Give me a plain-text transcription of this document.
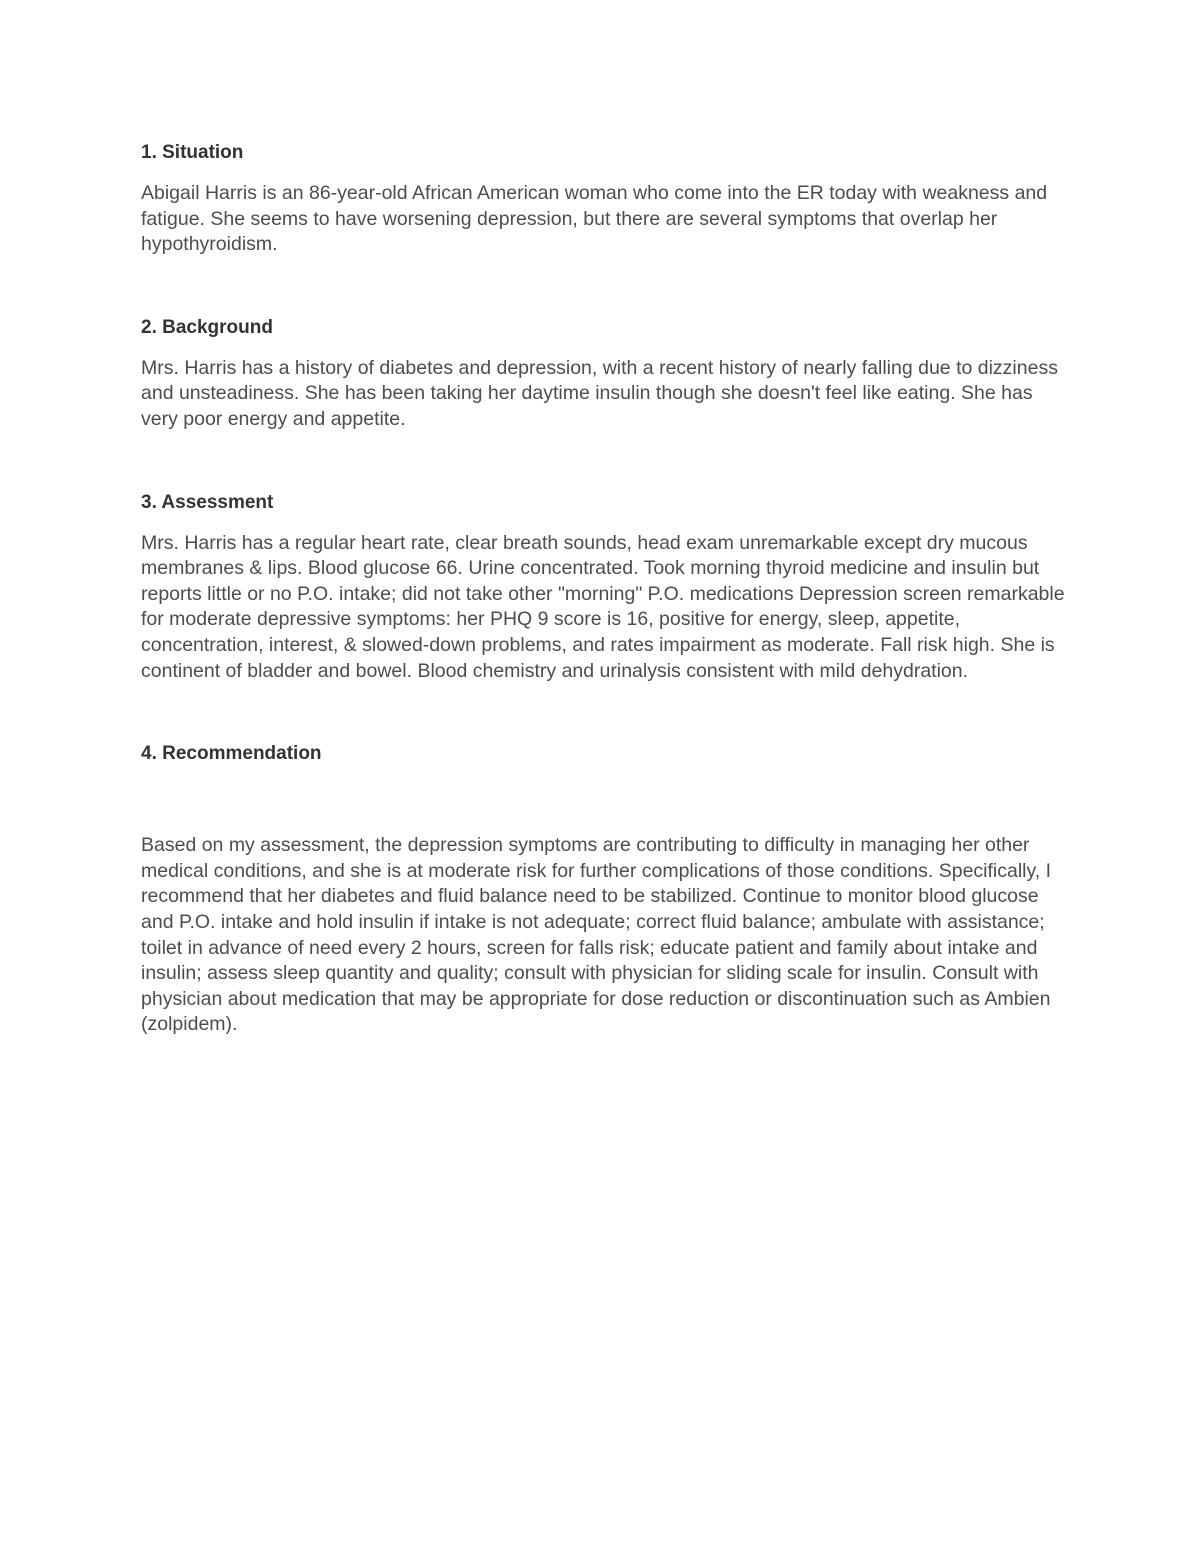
1. Situation

Abigail Harris is an 86-year-old African American woman who come into the ER today with weakness and fatigue. She seems to have worsening depression, but there are several symptoms that overlap her hypothyroidism.

2. Background

Mrs. Harris has a history of diabetes and depression, with a recent history of nearly falling due to dizziness and unsteadiness. She has been taking her daytime insulin though she doesn't feel like eating. She has very poor energy and appetite.

3. Assessment

Mrs. Harris has a regular heart rate, clear breath sounds, head exam unremarkable except dry mucous membranes & lips. Blood glucose 66. Urine concentrated. Took morning thyroid medicine and insulin but reports little or no P.O. intake; did not take other "morning" P.O. medications Depression screen remarkable for moderate depressive symptoms: her PHQ 9 score is 16, positive for energy, sleep, appetite, concentration, interest, & slowed-down problems, and rates impairment as moderate. Fall risk high. She is continent of bladder and bowel. Blood chemistry and urinalysis consistent with mild dehydration.

4. Recommendation

Based on my assessment, the depression symptoms are contributing to difficulty in managing her other medical conditions, and she is at moderate risk for further complications of those conditions. Specifically, I recommend that her diabetes and fluid balance need to be stabilized. Continue to monitor blood glucose and P.O. intake and hold insulin if intake is not adequate; correct fluid balance; ambulate with assistance; toilet in advance of need every 2 hours, screen for falls risk; educate patient and family about intake and insulin; assess sleep quantity and quality; consult with physician for sliding scale for insulin. Consult with physician about medication that may be appropriate for dose reduction or discontinuation such as Ambien (zolpidem).
